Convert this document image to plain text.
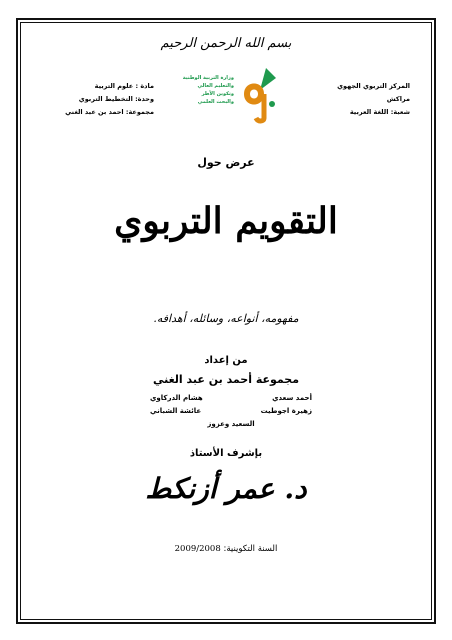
بسم الله الرحمن الرحيم
المركز التربوي الجهوي
مراكش
شعبة: اللغة العربية
مادة : علوم التربية
وحدة: التخطيط التربوي
مجموعة: احمد بن عبد الغني
وزارة التربية الوطنية
والتعليم العالي
وتكوين الأطر
والبحث العلمي
عرض حول
التقويم التربوي
مفهومه، أنواعه، وسائله، أهدافه.
من إعداد
مجموعة أحمد بن عبد الغني
أحمد سعدي
هشام الدركاوي
زهيرة اجوطيت
عائشة الشباني
السعيد وعزوز
بإشرف الأستاذ
د. عمر أزنكط
2009/2008 السنة التكوينية:
